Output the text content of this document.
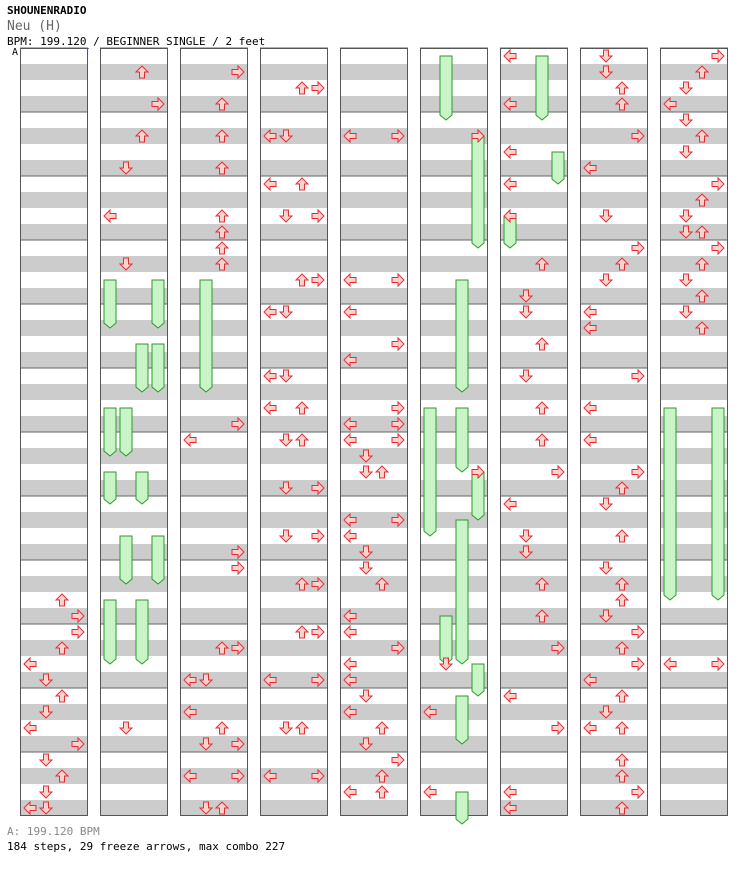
SHOUNENRADIO
Neu (H)
BPM: 199.120 / BEGINNER SINGLE / 2 feet
A
A: 199.120 BPM
184 steps, 29 freeze arrows, max combo 227
